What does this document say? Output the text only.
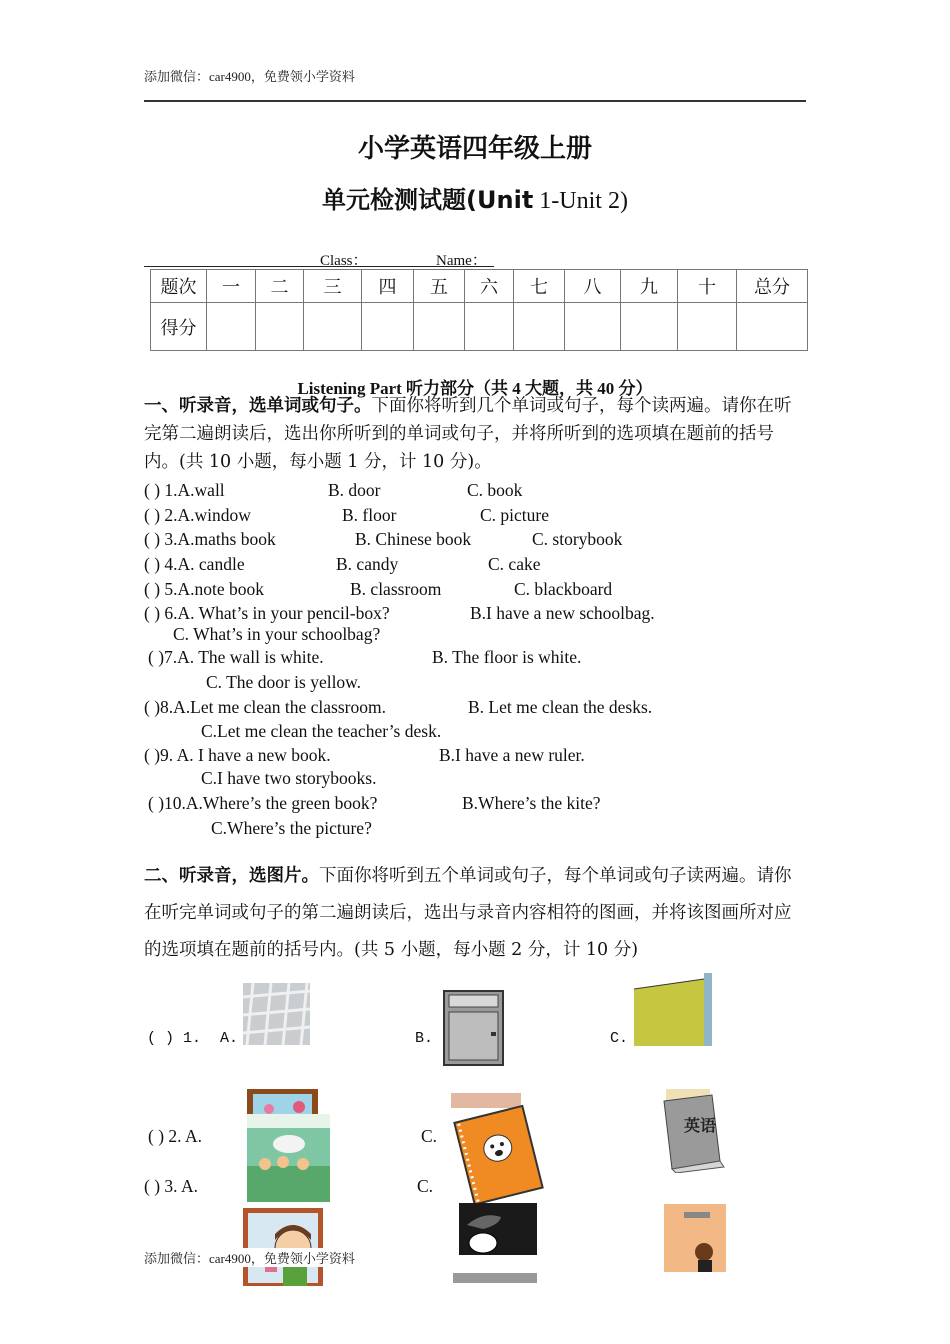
添加微信：car4900，免费领小学资料
小学英语四年级上册
单元检测试题(Unit 1-Unit 2)
Class：	Name：
题次	一	二	三	四	五	六	七	八	九	十	总分
得分											
Listening Part 听力部分（共 4 大题，共 40 分）
一、听录音，选单词或句子。下面你将听到几个单词或句子，每个读两遍。请你在听完第二遍朗读后，选出你所听到的单词或句子，并将所听到的选项填在题前的括号内。(共 10 小题，每小题 1 分，计 10 分)。
( ) 1.A.wall	B. door	C. book
( ) 2.A.window	B. floor	C. picture
( ) 3.A.maths book	B. Chinese book	C. storybook
( ) 4.A. candle	B. candy	C. cake
( ) 5.A.note book	B. classroom	C. blackboard
( ) 6.A. What’s in your pencil-box?	B.I have a new schoolbag.
C. What’s in your schoolbag?
( )7.A. The wall is white.	B. The floor is white.
C. The door is yellow.
( )8.A.Let me clean the classroom.	B. Let me clean the desks.
C.Let me clean the teacher’s desk.
( )9. A. I have a new book.	B.I have a new ruler.
C.I have two storybooks.
( )10.A.Where’s the green book?	B.Where’s the kite?
C.Where’s the picture?
二、听录音，选图片。下面你将听到五个单词或句子，每个单词或句子读两遍。请你在听完单词或句子的第二遍朗读后，选出与录音内容相符的图画，并将该图画所对应的选项填在题前的括号内。(共 5 小题，每小题 2 分，计 10 分)
( ) 1. A.	B.	C.
( ) 2. A.	C.
( ) 3. A.	C.
英语
添加微信：car4900，免费领小学资料
